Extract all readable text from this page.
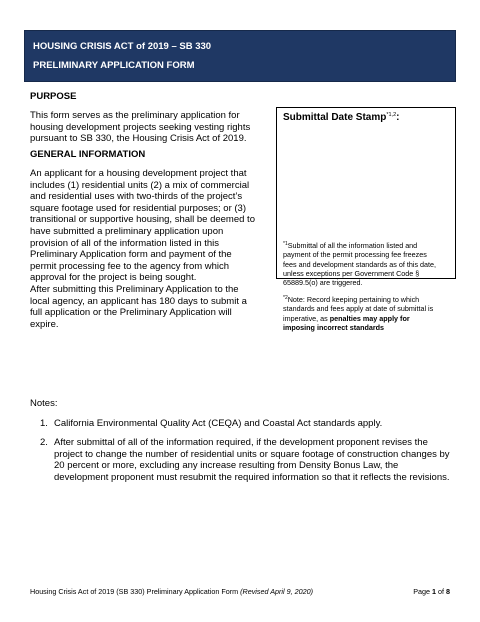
HOUSING CRISIS ACT of 2019 – SB 330
PRELIMINARY APPLICATION FORM
PURPOSE
This form serves as the preliminary application for
housing development projects seeking vesting rights
pursuant to SB 330, the Housing Crisis Act of 2019.
GENERAL INFORMATION
An applicant for a housing development project that
includes (1) residential units (2) a mix of commercial
and residential uses with two-thirds of the project’s
square footage used for residential purposes; or (3)
transitional or supportive housing, shall be deemed to
have submitted a preliminary application upon
provision of all of the information listed in this
Preliminary Application form and payment of the
permit processing fee to the agency from which
approval for the project is being sought.
After submitting this Preliminary Application to the
local agency, an applicant has 180 days to submit a
full application or the Preliminary Application will
expire.
Submittal Date Stamp$^{*1,2}$:
$^{*1}$Submittal of all the information listed and
payment of the permit processing fee freezes
fees and development standards as of this date,
unless exceptions per Government Code §
65889.5(o) are triggered.
$^{*2}$Note: Record keeping pertaining to which
standards and fees apply at date of submittal is
imperative, as penalties may apply for
imposing incorrect standards
Notes:
1. California Environmental Quality Act (CEQA) and Coastal Act standards apply.
2. After submittal of all of the information required, if the development proponent revises the
project to change the number of residential units or square footage of construction changes by
20 percent or more, excluding any increase resulting from Density Bonus Law, the
development proponent must resubmit the required information so that it reflects the revisions.
Housing Crisis Act of 2019 (SB 330) Preliminary Application Form (Revised April 9, 2020)	Page 1 of 8
